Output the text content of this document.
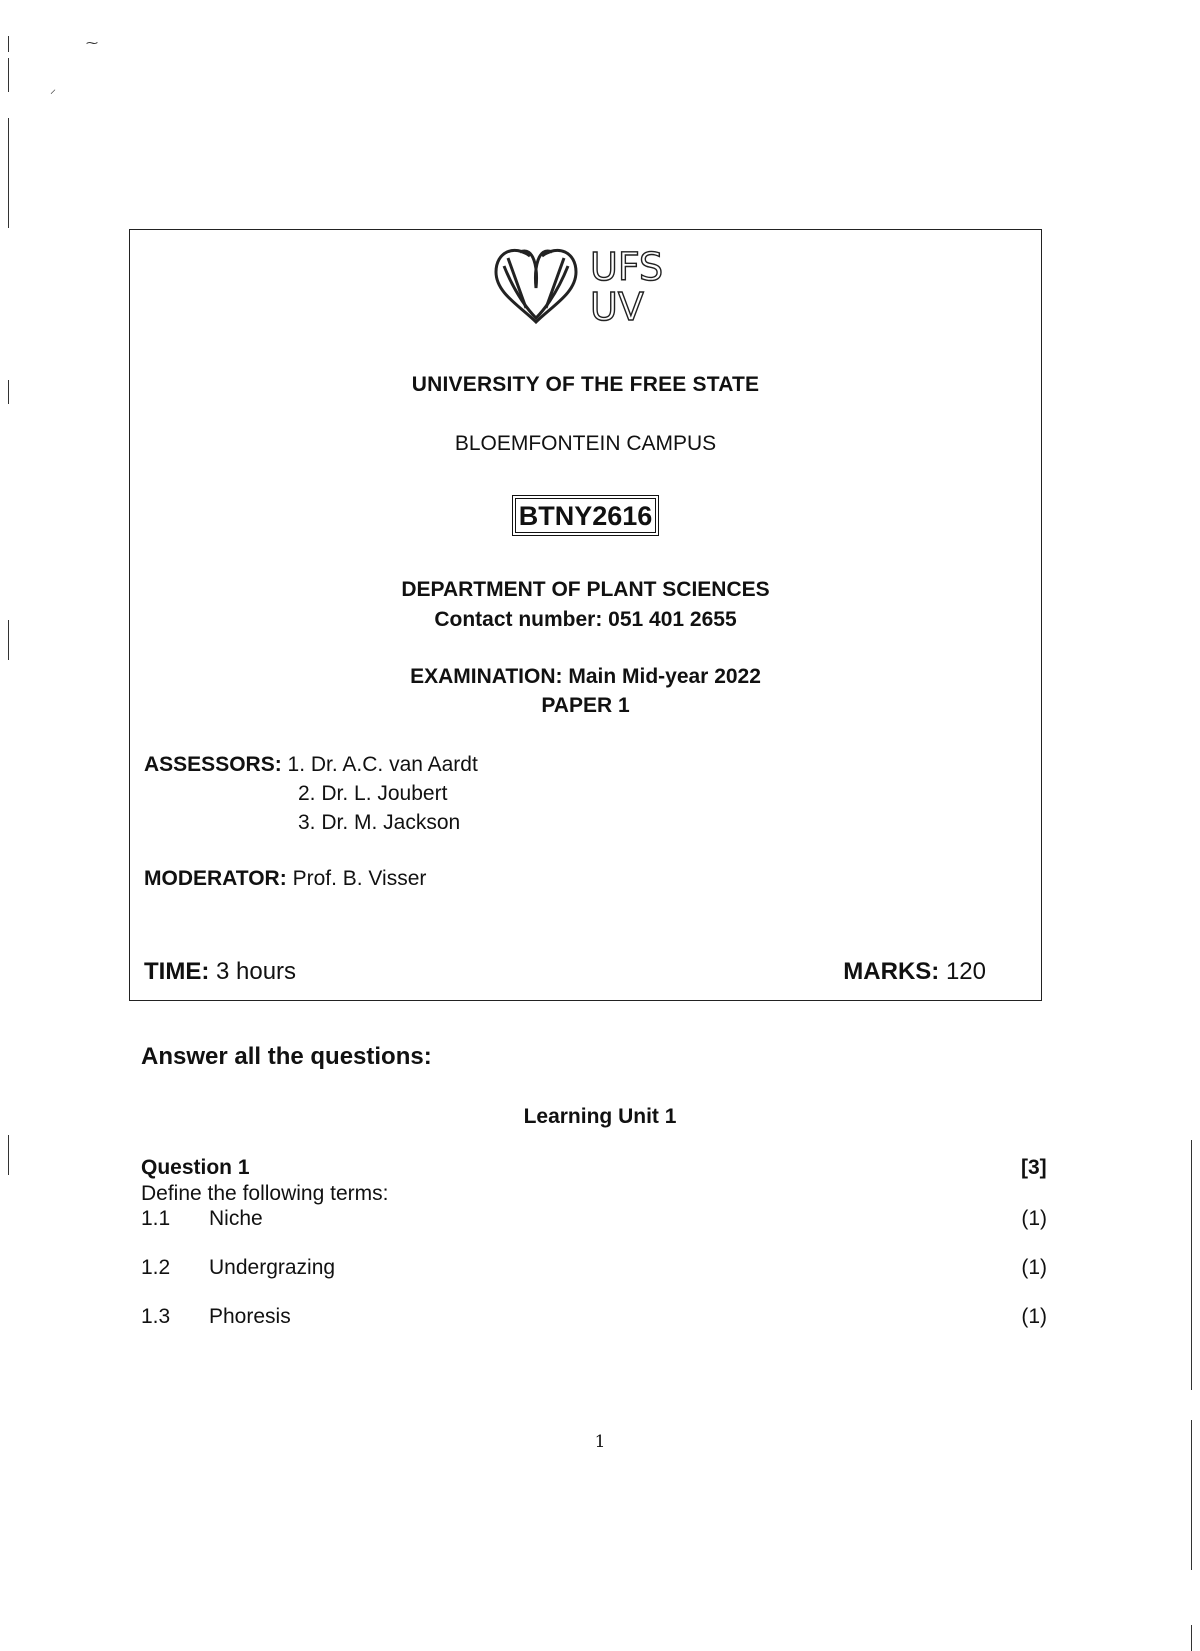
⁓
⸝
UFS
UV
UNIVERSITY OF THE FREE STATE
BLOEMFONTEIN CAMPUS
BTNY2616
DEPARTMENT OF PLANT SCIENCES
Contact number: 051 401 2655
EXAMINATION: Main Mid-year 2022
PAPER 1
ASSESSORS: 1. Dr. A.C. van Aardt
2. Dr. L. Joubert
3. Dr. M. Jackson
MODERATOR: Prof. B. Visser
TIME: 3 hours	MARKS: 120
Answer all the questions:
Learning Unit 1
Question 1	[3]
Define the following terms:
1.1 Niche	(1)
1.2 Undergrazing	(1)
1.3 Phoresis	(1)
1
